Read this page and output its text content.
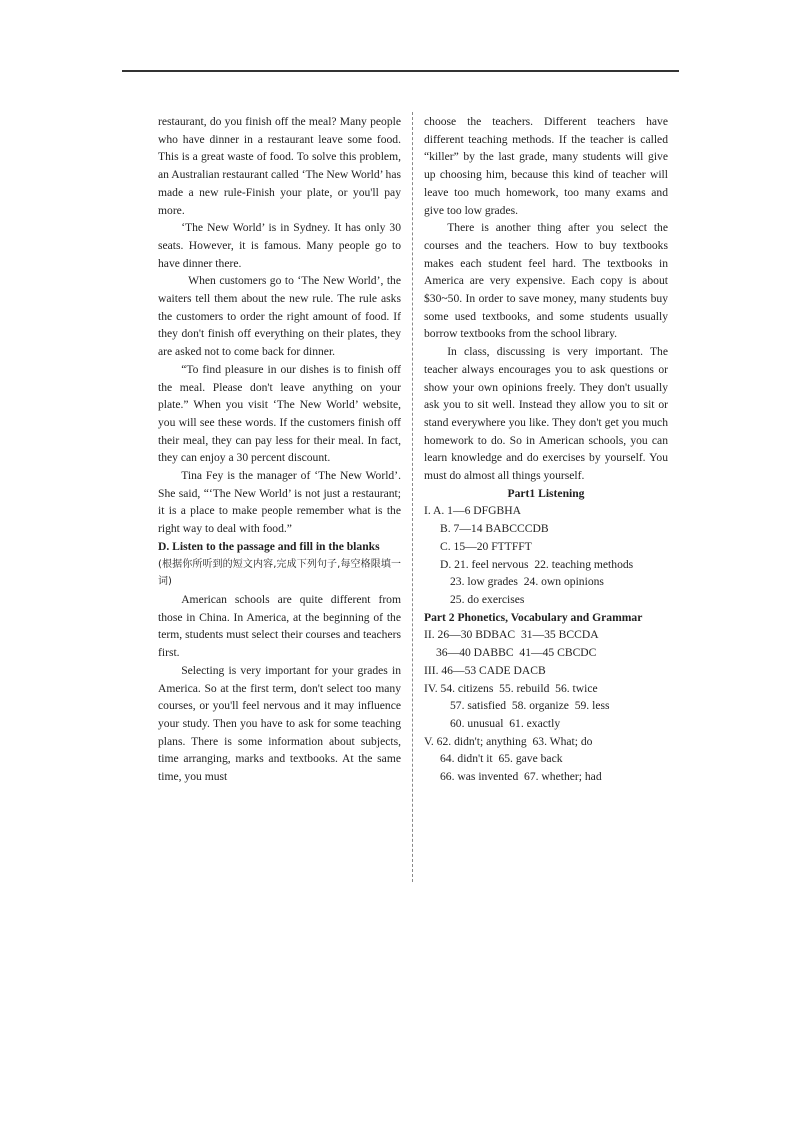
restaurant, do you finish off the meal? Many people who have dinner in a restaurant leave some food. This is a great waste of food. To solve this problem, an Australian restaurant called ‘The New World’ has made a new rule-Finish your plate, or you'll pay more.

‘The New World’ is in Sydney. It has only 30 seats. However, it is famous. Many people go to have dinner there.

When customers go to ‘The New World’, the waiters tell them about the new rule. The rule asks the customers to order the right amount of food. If they don't finish off everything on their plates, they are asked not to come back for dinner.

“To find pleasure in our dishes is to finish off the meal. Please don't leave anything on your plate.” When you visit ‘The New World’ website, you will see these words. If the customers finish off their meal, they can pay less for their meal. In fact, they can enjoy a 30 percent discount.

Tina Fey is the manager of ‘The New World’. She said, “‘The New World’ is not just a restaurant; it is a place to make people remember what is the right way to deal with food.”

D. Listen to the passage and fill in the blanks

(根据你所听到的短文内容,完成下列句子,每空格限填一词)

American schools are quite different from those in China. In America, at the beginning of the term, students must select their courses and teachers first.

Selecting is very important for your grades in America. So at the first term, don't select too many courses, or you'll feel nervous and it may influence your study. Then you have to ask for some teaching plans. There is some information about subjects, time arranging, marks and textbooks. At the same time, you must

choose the teachers. Different teachers have different teaching methods. If the teacher is called “killer” by the last grade, many students will give up choosing him, because this kind of teacher will leave too much homework, too many exams and give too low grades.

There is another thing after you select the courses and the teachers. How to buy textbooks makes each student feel hard. The textbooks in America are very expensive. Each copy is about $30~50. In order to save money, many students buy some used textbooks, and some students usually borrow textbooks from the school library.

In class, discussing is very important. The teacher always encourages you to ask questions or show your own opinions freely. They don't usually ask you to sit well. Instead they allow you to sit or stand everywhere you like. They don't get you much homework to do. So in American schools, you can learn knowledge and do exercises by yourself. You must do almost all things yourself.

Part1 Listening

I. A. 1—6 DFGBHA

B. 7—14 BABCCCDB

C. 15—20 FTTFFT

D. 21. feel nervous  22. teaching methods

23. low grades  24. own opinions

25. do exercises

Part 2 Phonetics, Vocabulary and Grammar

II. 26—30 BDBAC  31—35 BCCDA

36—40 DABBC  41—45 CBCDC

III. 46—53 CADE DACB

IV. 54. citizens  55. rebuild  56. twice

57. satisfied  58. organize  59. less

60. unusual  61. exactly

V. 62. didn't; anything  63. What; do

64. didn't it  65. gave back

66. was invented  67. whether; had
